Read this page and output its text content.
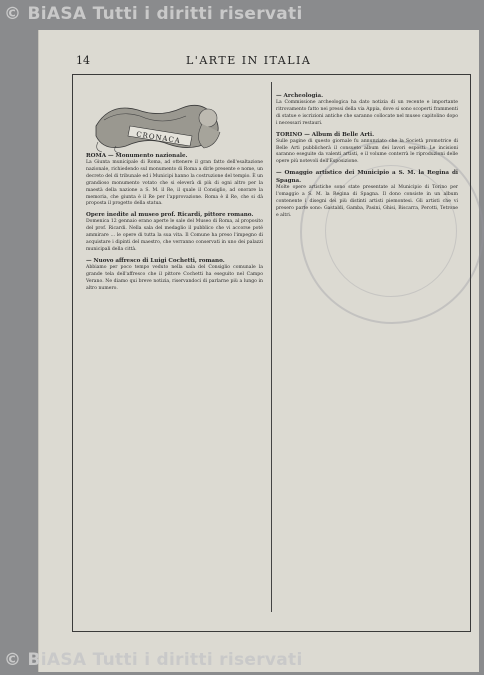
© BiASA Tutti i diritti riservati
© BiASA Tutti i diritti riservati
14	L'ARTE IN ITALIA
CRONACA
ROMA — Monumento nazionale.
La Giunta municipale di Roma, ad ottenere il gran fatto dell'esaltazione nazionale, richiedendo sul monumento di Roma a dirle presente e nome, un decreto del di tribunale ed i Municipi hanno la costruzione del tempio. È un grandioso monumento votato che si eleverà di più di ogni altro per la maestà della nazione a S. M. il Re, il quale il Consiglio, ad onorare la memoria, che giunta è il Re per l'approvazione. Roma è il Re, che si dà proposta il progetto della statua.
Opere inedite al museo prof. Ricardi, pittore romano.
Domenica 12 gennaio erano aperte le sale del Museo di Roma, al proposito del prof. Ricardi. Nella sala del medaglio il pubblico che vi accorse poté ammirare ... le opere di tutta la sua vita. Il Comune ha preso l'impegno di acquistare i dipinti del maestro, che verranno conservati in uno dei palazzi municipali della città.
— Nuovo affresco di Luigi Cochetti, romano.
Abbiamo per poco tempo veduto nella sala del Consiglio comunale la grande tela dell'affresco che il pittore Cochetti ha eseguito nel Campo Verano. Ne diamo qui breve notizia, riservandoci di parlarne più a lungo in altro numero.
— Archeologia.
La Commissione archeologica ha dato notizia di un recente e importante ritrovamento fatto nei pressi della via Appia, dove si sono scoperti frammenti di statue e iscrizioni antiche che saranno collocate nel museo capitolino dopo i necessari restauri.
TORINO — Album di Belle Arti.
Sulle pagine di questo giornale fu annunziato che la Società promotrice di Belle Arti pubblicherà il consueto album dei lavori esposti. Le incisioni saranno eseguite da valenti artisti, e il volume conterrà le riproduzioni delle opere più notevoli dell'Esposizione.
— Omaggio artistico dei Municipio a S. M. la Regina di Spagna.
Molte opere artistiche sono state presentate al Municipio di Torino per l'omaggio a S. M. la Regina di Spagna. Il dono consiste in un album contenente i disegni dei più distinti artisti piemontesi. Gli artisti che vi presero parte sono: Gastaldi, Gamba, Pasini, Ghisi, Biscarra, Perotti, Tetrone e altri.
